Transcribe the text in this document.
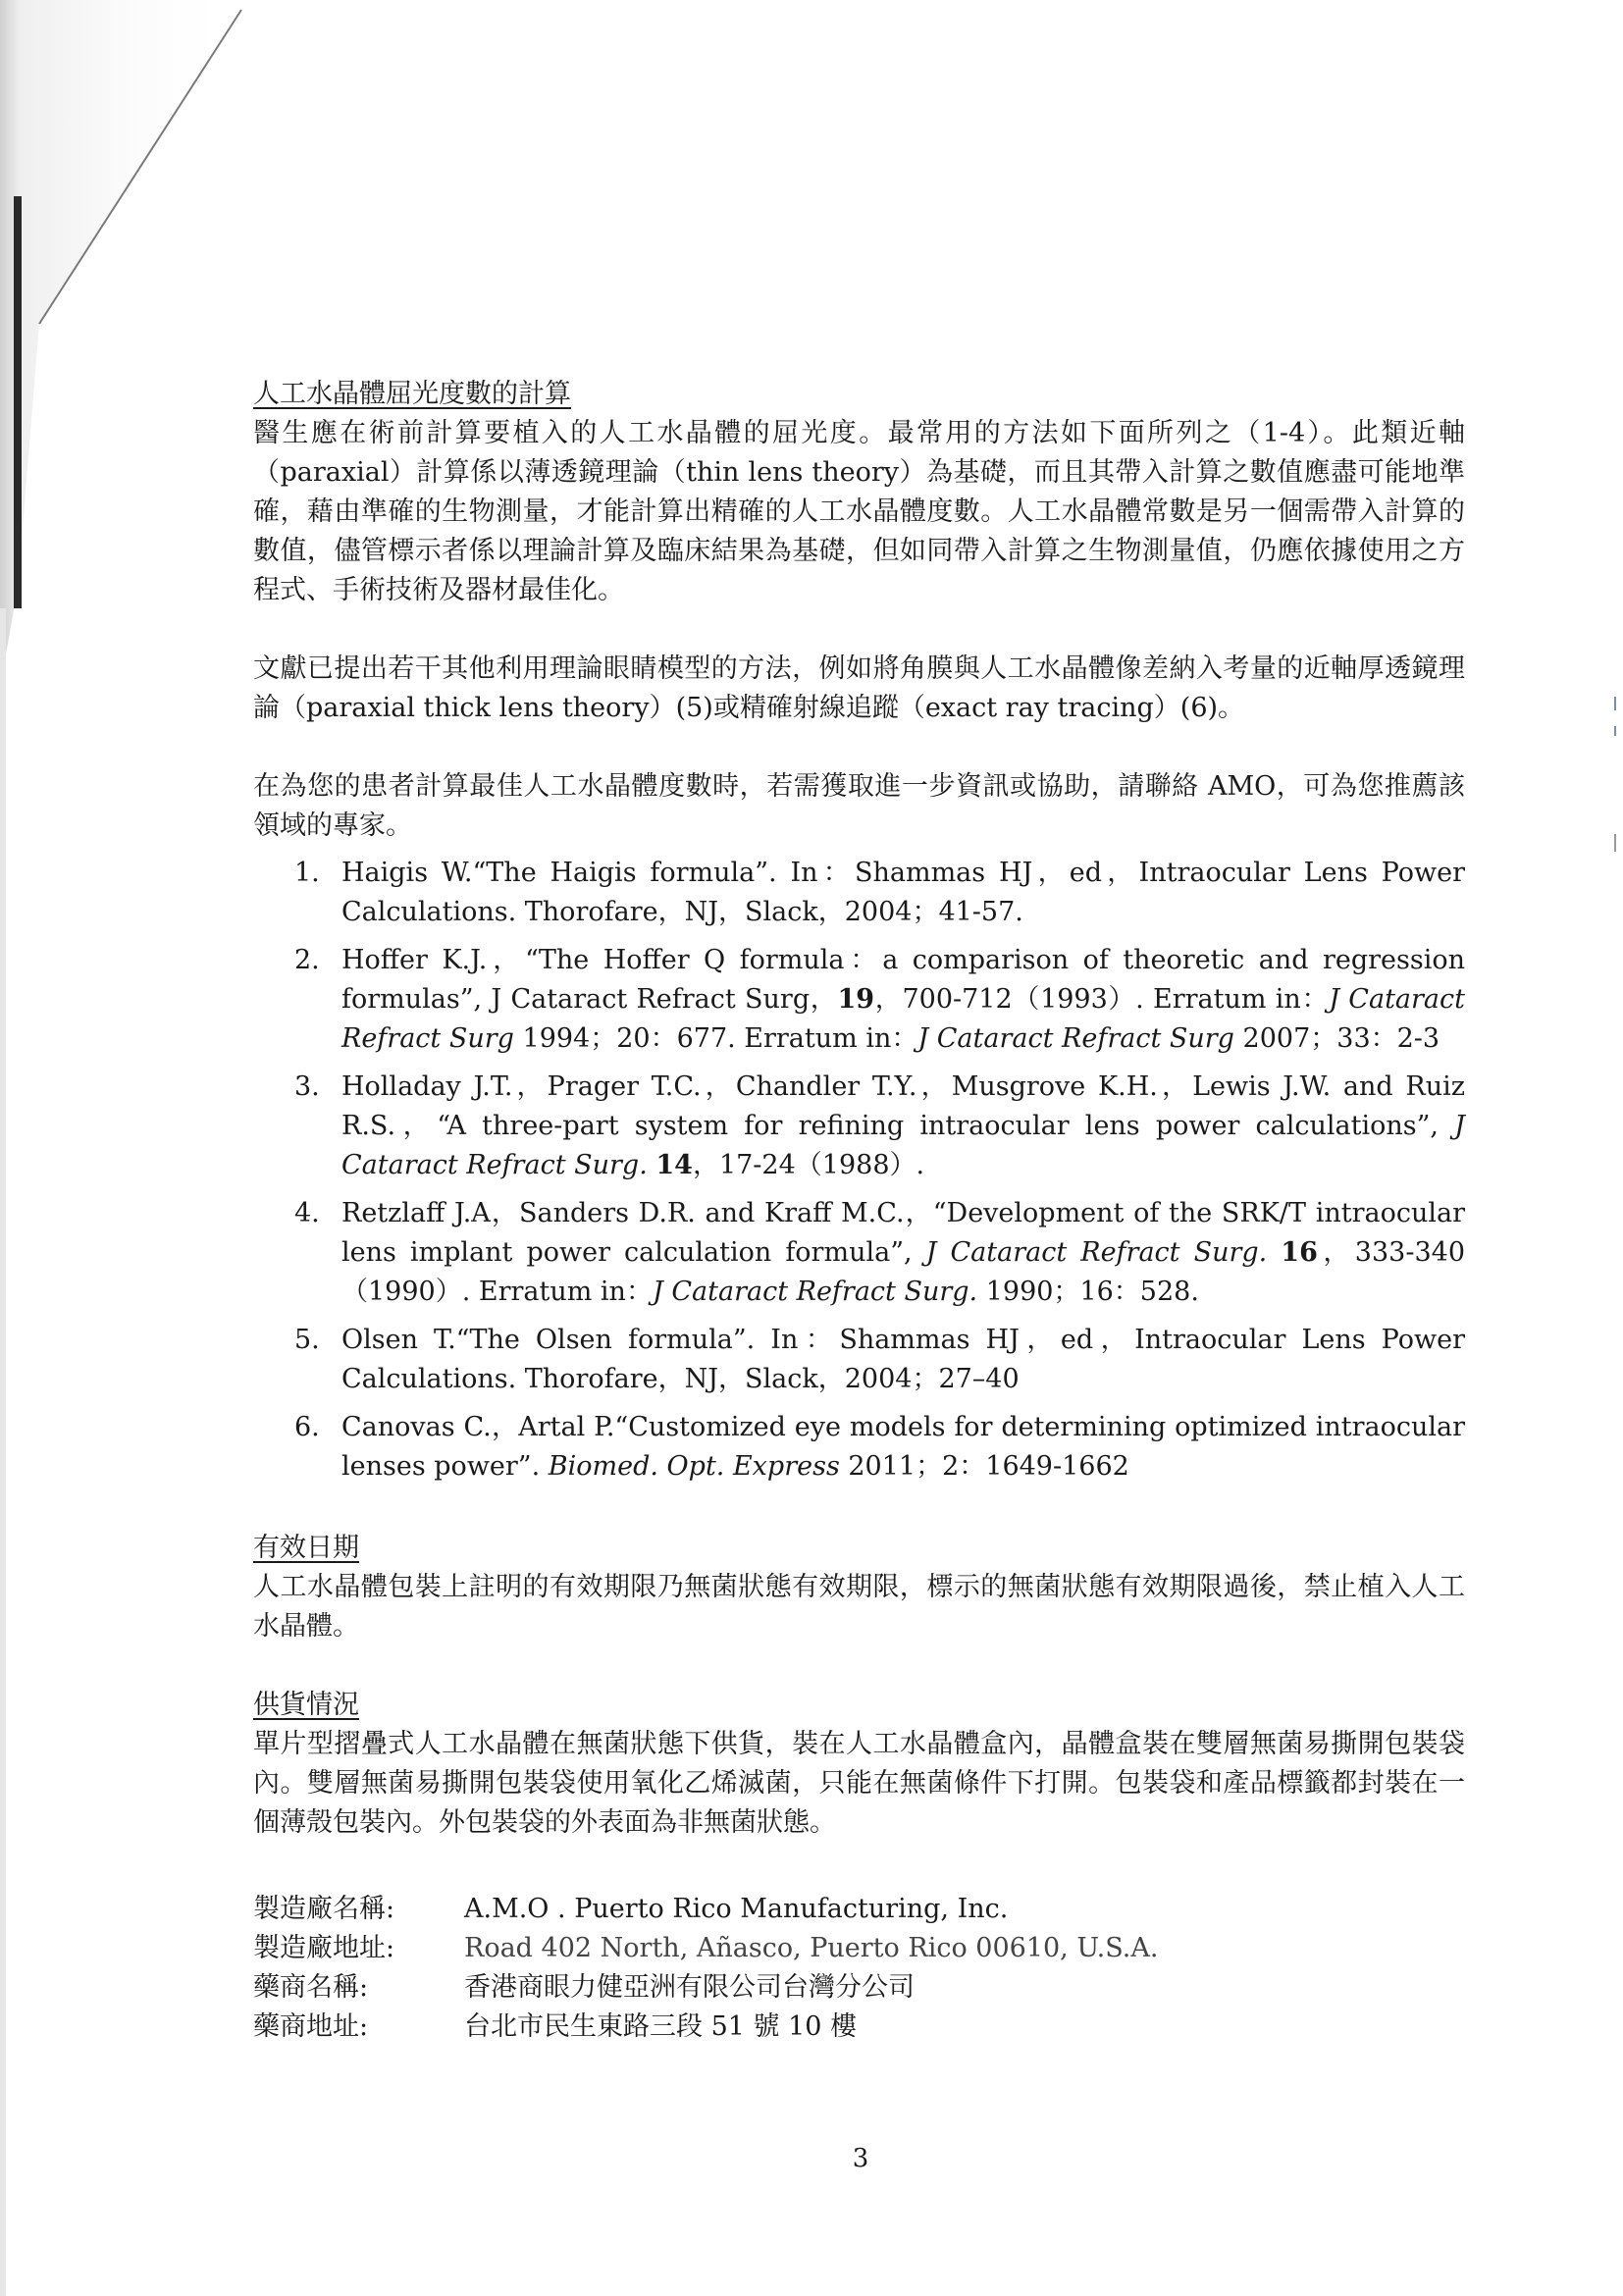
人工水晶體屈光度數的計算

醫生應在術前計算要植入的人工水晶體的屈光度。最常用的方法如下面所列之（1-4）。此類近軸（paraxial）計算係以薄透鏡理論（thin lens theory）為基礎，而且其帶入計算之數值應盡可能地準確，藉由準確的生物測量，才能計算出精確的人工水晶體度數。人工水晶體常數是另一個需帶入計算的數值，儘管標示者係以理論計算及臨床結果為基礎，但如同帶入計算之生物測量值，仍應依據使用之方程式、手術技術及器材最佳化。

文獻已提出若干其他利用理論眼睛模型的方法，例如將角膜與人工水晶體像差納入考量的近軸厚透鏡理論（paraxial thick lens theory）(5)或精確射線追蹤（exact ray tracing）(6)。

在為您的患者計算最佳人工水晶體度數時，若需獲取進一步資訊或協助，請聯絡 AMO，可為您推薦該領域的專家。

1. Haigis W.“The Haigis formula”. In：Shammas HJ，ed，Intraocular Lens Power Calculations. Thorofare，NJ，Slack，2004；41-57.
2. Hoffer K.J.，“The Hoffer Q formula：a comparison of theoretic and regression formulas”, J Cataract Refract Surg，19，700-712（1993）. Erratum in：J Cataract Refract Surg 1994；20：677. Erratum in：J Cataract Refract Surg 2007；33：2-3
3. Holladay J.T.，Prager T.C.，Chandler T.Y.，Musgrove K.H.，Lewis J.W. and Ruiz R.S.，“A three-part system for refining intraocular lens power calculations”, J Cataract Refract Surg. 14，17-24（1988）.
4. Retzlaff J.A，Sanders D.R. and Kraff M.C.，“Development of the SRK/T intraocular lens implant power calculation formula”, J Cataract Refract Surg. 16，333-340（1990）. Erratum in：J Cataract Refract Surg. 1990；16：528.
5. Olsen T.“The Olsen formula”. In：Shammas HJ，ed，Intraocular Lens Power Calculations. Thorofare，NJ，Slack，2004；27–40
6. Canovas C.，Artal P.“Customized eye models for determining optimized intraocular lenses power”. Biomed. Opt. Express 2011；2：1649-1662
有效日期

人工水晶體包裝上註明的有效期限乃無菌狀態有效期限，標示的無菌狀態有效期限過後，禁止植入人工水晶體。

供貨情況

單片型摺疊式人工水晶體在無菌狀態下供貨，裝在人工水晶體盒內，晶體盒裝在雙層無菌易撕開包裝袋內。雙層無菌易撕開包裝袋使用氧化乙烯滅菌，只能在無菌條件下打開。包裝袋和產品標籤都封裝在一個薄殼包裝內。外包裝袋的外表面為非無菌狀態。

製造廠名稱:	A.M.O . Puerto Rico Manufacturing, Inc.
製造廠地址:	Road 402 North, Añasco, Puerto Rico 00610, U.S.A.
藥商名稱:	香港商眼力健亞洲有限公司台灣分公司
藥商地址:	台北市民生東路三段 51 號 10 樓
3
